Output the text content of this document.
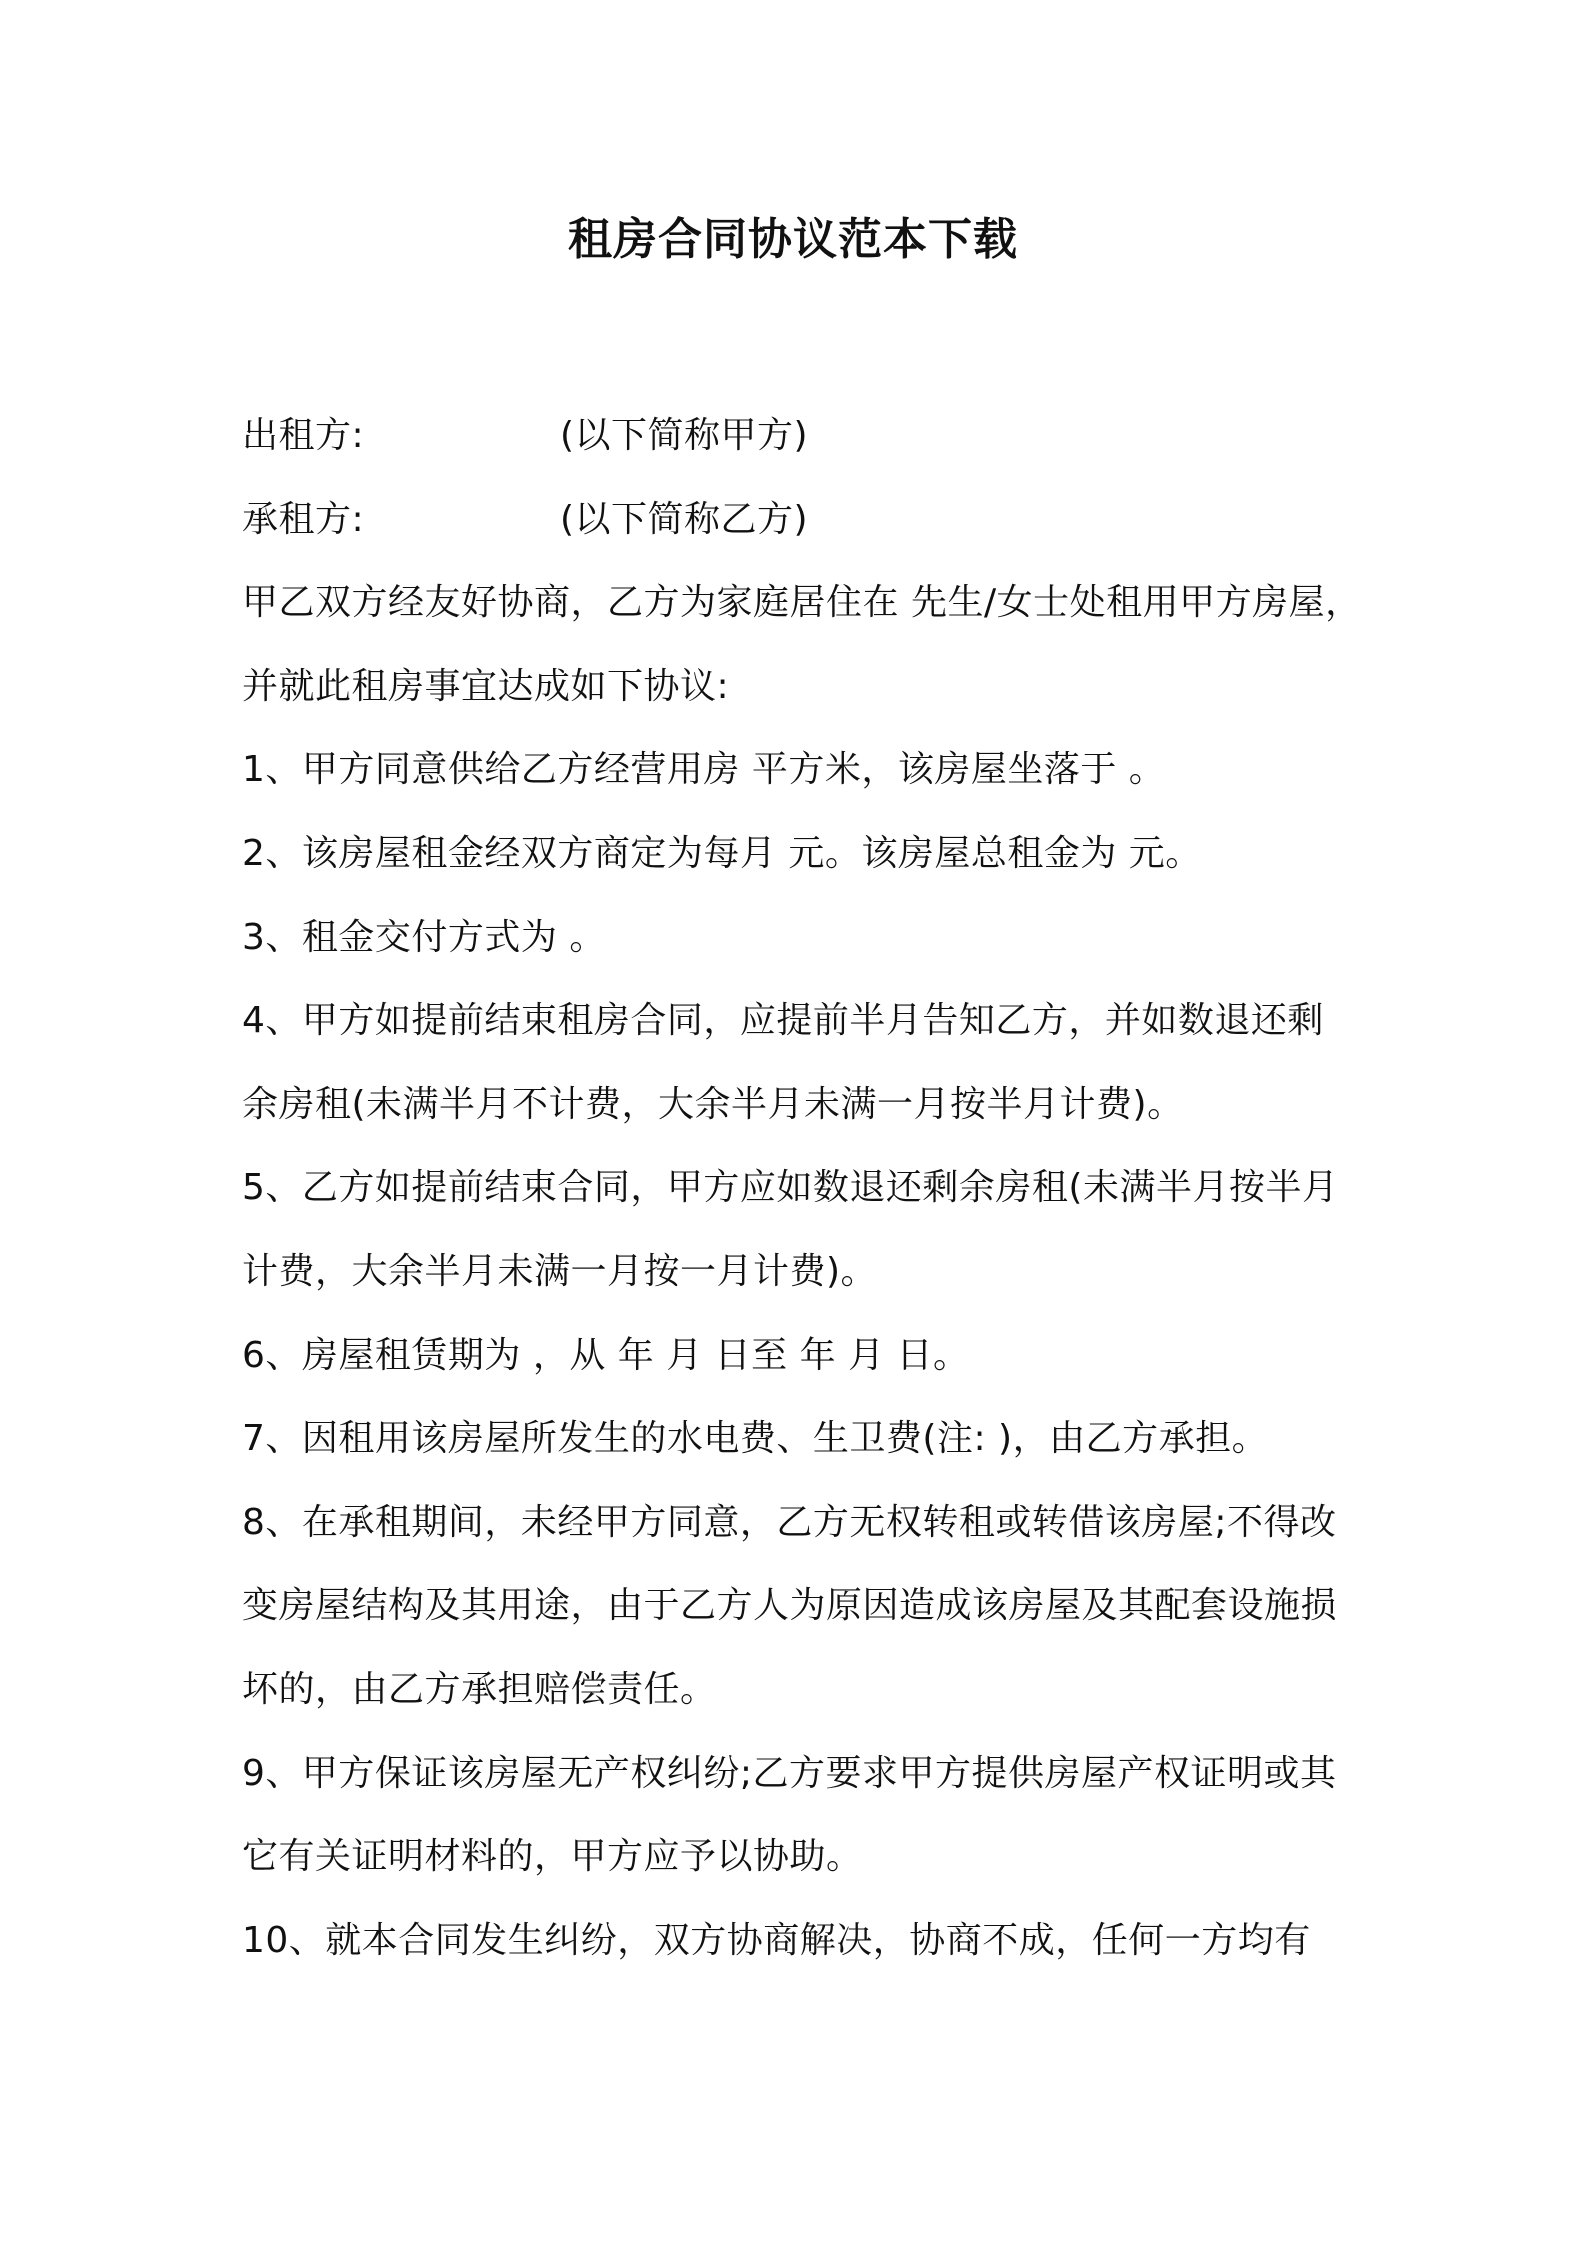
租房合同协议范本下载
出租方:	(以下简称甲方)
承租方:	(以下简称乙方)
甲乙双方经友好协商，乙方为家庭居住在 先生/女士处租用甲方房屋，
并就此租房事宜达成如下协议:
1、甲方同意供给乙方经营用房 平方米，该房屋坐落于 。
2、该房屋租金经双方商定为每月 元。该房屋总租金为 元。
3、租金交付方式为 。
4、甲方如提前结束租房合同，应提前半月告知乙方，并如数退还剩
余房租(未满半月不计费，大余半月未满一月按半月计费)。
5、乙方如提前结束合同，甲方应如数退还剩余房租(未满半月按半月
计费，大余半月未满一月按一月计费)。
6、房屋租赁期为 ，从 年 月 日至 年 月 日。
7、因租用该房屋所发生的水电费、生卫费(注: )，由乙方承担。
8、在承租期间，未经甲方同意，乙方无权转租或转借该房屋;不得改
变房屋结构及其用途，由于乙方人为原因造成该房屋及其配套设施损
坏的，由乙方承担赔偿责任。
9、甲方保证该房屋无产权纠纷;乙方要求甲方提供房屋产权证明或其
它有关证明材料的，甲方应予以协助。
10、就本合同发生纠纷，双方协商解决，协商不成，任何一方均有
